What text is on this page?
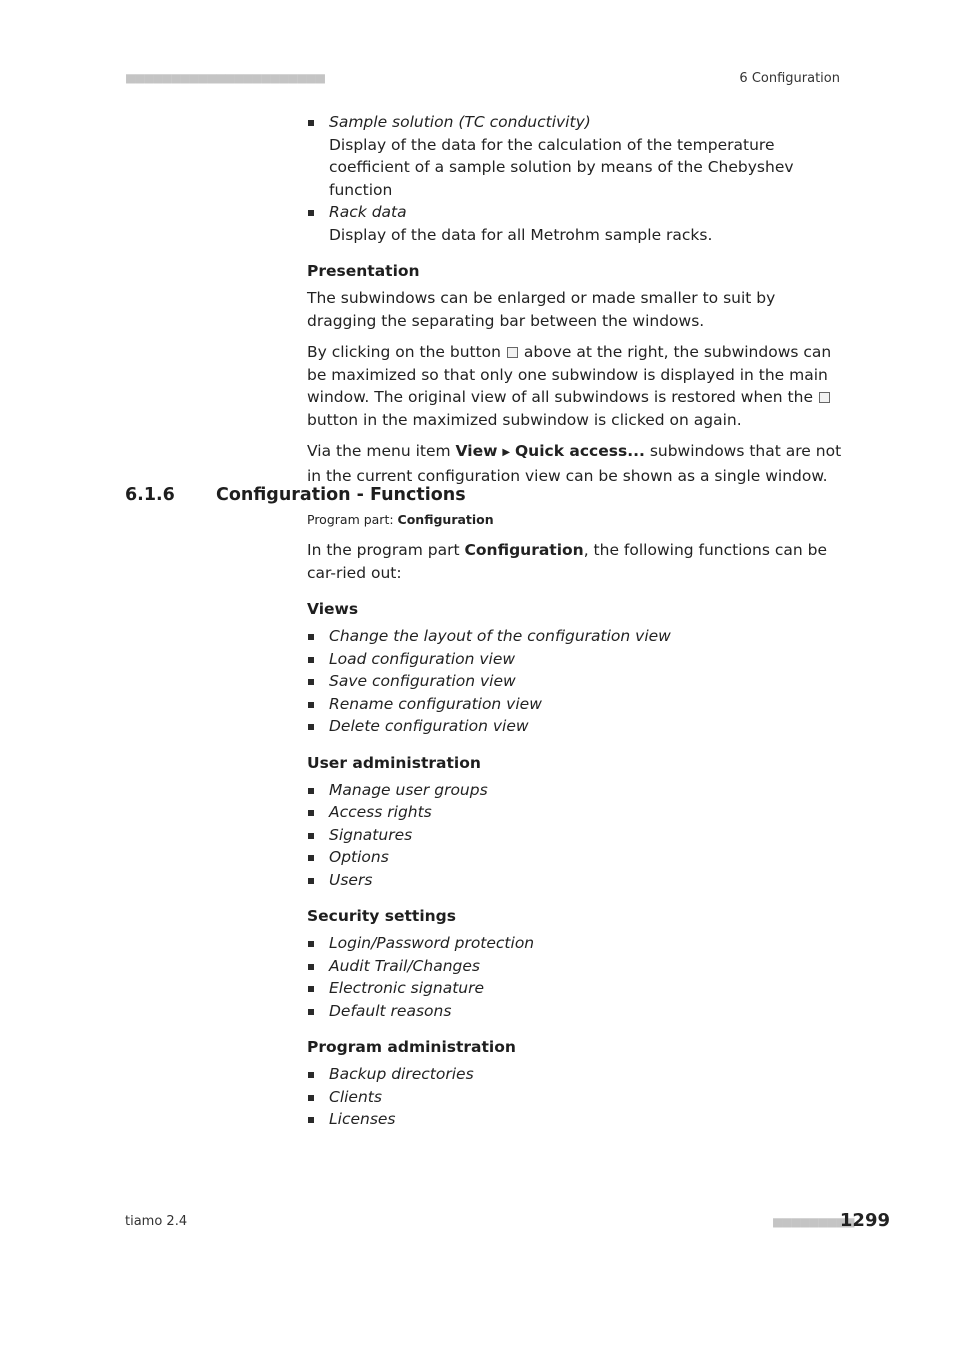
■■■■■■■■■■■■■■■■■■■■■■	6 Configuration
Sample solution (TC conductivity)
Display of the data for the calculation of the temperature coefficient of a sample solution by means of the Chebyshev function
Rack data
Display of the data for all Metrohm sample racks.
Presentation

The subwindows can be enlarged or made smaller to suit by dragging the separating bar between the windows.

By clicking on the button above at the right, the subwindows can be maximized so that only one subwindow is displayed in the main window. The original view of all subwindows is restored when the  button in the maximized subwindow is clicked on again.

Via the menu item View ▶ Quick access... subwindows that are not in the current configuration view can be shown as a single window.

6.1.6 Configuration - Functions
Program part: Configuration

In the program part Configuration, the following functions can be car-ried out:

Views
Change the layout of the configuration view
Load configuration view
Save configuration view
Rename configuration view
Delete configuration view
User administration
Manage user groups
Access rights
Signatures
Options
Users
Security settings
Login/Password protection
Audit Trail/Changes
Electronic signature
Default reasons
Program administration
Backup directories
Clients
Licenses
tiamo 2.4	■■■■■■■■■
1299
